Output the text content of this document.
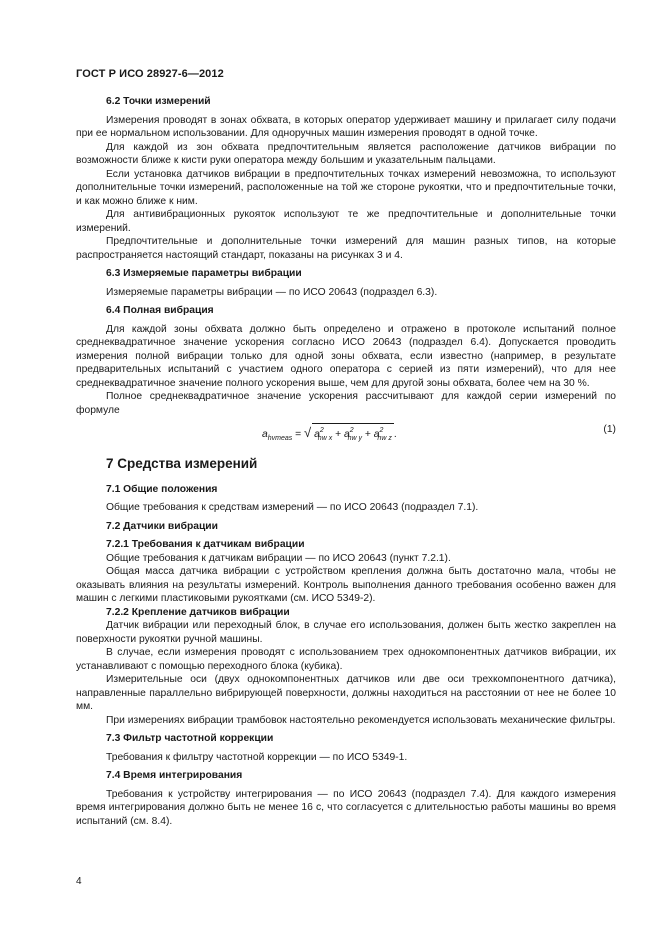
ГОСТ Р ИСО 28927-6—2012

6.2 Точки измерений

Измерения проводят в зонах обхвата, в которых оператор удерживает машину и прилагает силу подачи при ее нормальном использовании. Для одноручных машин измерения проводят в одной точке.

Для каждой из зон обхвата предпочтительным является расположение датчиков вибрации по возможности ближе к кисти руки оператора между большим и указательным пальцами.

Если установка датчиков вибрации в предпочтительных точках измерений невозможна, то используют дополнительные точки измерений, расположенные на той же стороне рукоятки, что и предпочтительные точки, и как можно ближе к ним.

Для антивибрационных рукояток используют те же предпочтительные и дополнительные точки измерений.

Предпочтительные и дополнительные точки измерений для машин разных типов, на которые распространяется настоящий стандарт, показаны на рисунках 3 и 4.

6.3 Измеряемые параметры вибрации

Измеряемые параметры вибрации — по ИСО 20643 (подраздел 6.3).

6.4 Полная вибрация

Для каждой зоны обхвата должно быть определено и отражено в протоколе испытаний полное среднеквадратичное значение ускорения согласно ИСО 20643 (подраздел 6.4). Допускается проводить измерения полной вибрации только для одной зоны обхвата, если известно (например, в результате предварительных испытаний с участием одного оператора с серией из пяти измерений), что для нее среднеквадратичное значение полного ускорения выше, чем для другой зоны обхвата, более чем на 30 %.

Полное среднеквадратичное значение ускорения рассчитывают для каждой серии измерений по формуле

$a_{hvmeas}$ = √ $a^2_{hw x} + a^2_{hw y} + a^2_{hw z}$ .	(1)

7 Средства измерений

7.1 Общие положения

Общие требования к средствам измерений — по ИСО 20643 (подраздел 7.1).

7.2 Датчики вибрации

7.2.1 Требования к датчикам вибрации

Общие требования к датчикам вибрации — по ИСО 20643 (пункт 7.2.1).

Общая масса датчика вибрации с устройством крепления должна быть достаточно мала, чтобы не оказывать влияния на результаты измерений. Контроль выполнения данного требования особенно важен для машин с легкими пластиковыми рукоятками (см. ИСО 5349-2).

7.2.2 Крепление датчиков вибрации

Датчик вибрации или переходный блок, в случае его использования, должен быть жестко закреплен на поверхности рукоятки ручной машины.

В случае, если измерения проводят с использованием трех однокомпонентных датчиков вибрации, их устанавливают с помощью переходного блока (кубика).

Измерительные оси (двух однокомпонентных датчиков или две оси трехкомпонентного датчика), направленные параллельно вибрирующей поверхности, должны находиться на расстоянии от нее не более 10 мм.

При измерениях вибрации трамбовок настоятельно рекомендуется использовать механические фильтры.

7.3 Фильтр частотной коррекции

Требования к фильтру частотной коррекции — по ИСО 5349-1.

7.4 Время интегрирования

Требования к устройству интегрирования — по ИСО 20643 (подраздел 7.4). Для каждого измерения время интегрирования должно быть не менее 16 с, что согласуется с длительностью работы машины во время испытаний (см. 8.4).

4
